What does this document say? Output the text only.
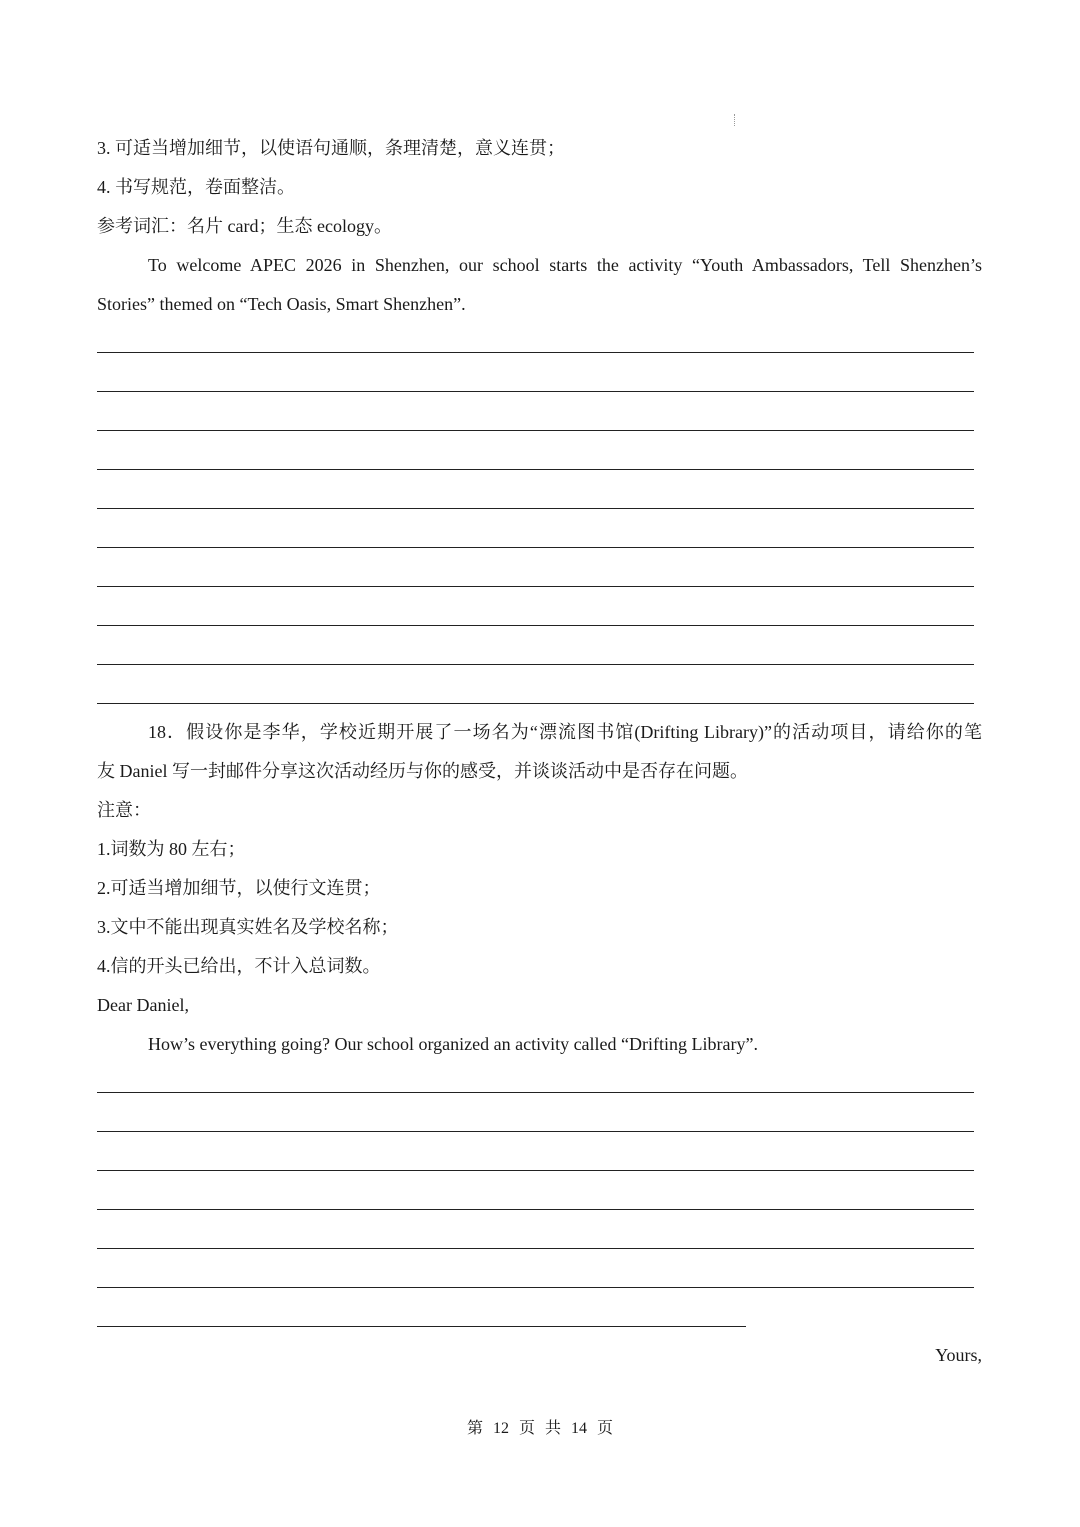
3. 可适当增加细节，以使语句通顺，条理清楚，意义连贯；
4. 书写规范，卷面整洁。
参考词汇：名片 card；生态 ecology。
To welcome APEC 2026 in Shenzhen, our school starts the activity “Youth Ambassadors, Tell Shenzhen’s
Stories” themed on “Tech Oasis, Smart Shenzhen”.
18．假设你是李华，学校近期开展了一场名为“漂流图书馆(Drifting Library)”的活动项目，请给你的笔
友 Daniel 写一封邮件分享这次活动经历与你的感受，并谈谈活动中是否存在问题。
注意：
1.词数为 80 左右；
2.可适当增加细节，以使行文连贯；
3.文中不能出现真实姓名及学校名称；
4.信的开头已给出，不计入总词数。
Dear Daniel,
How’s everything going? Our school organized an activity called “Drifting Library”.
Yours,
第 12 页 共 14 页
